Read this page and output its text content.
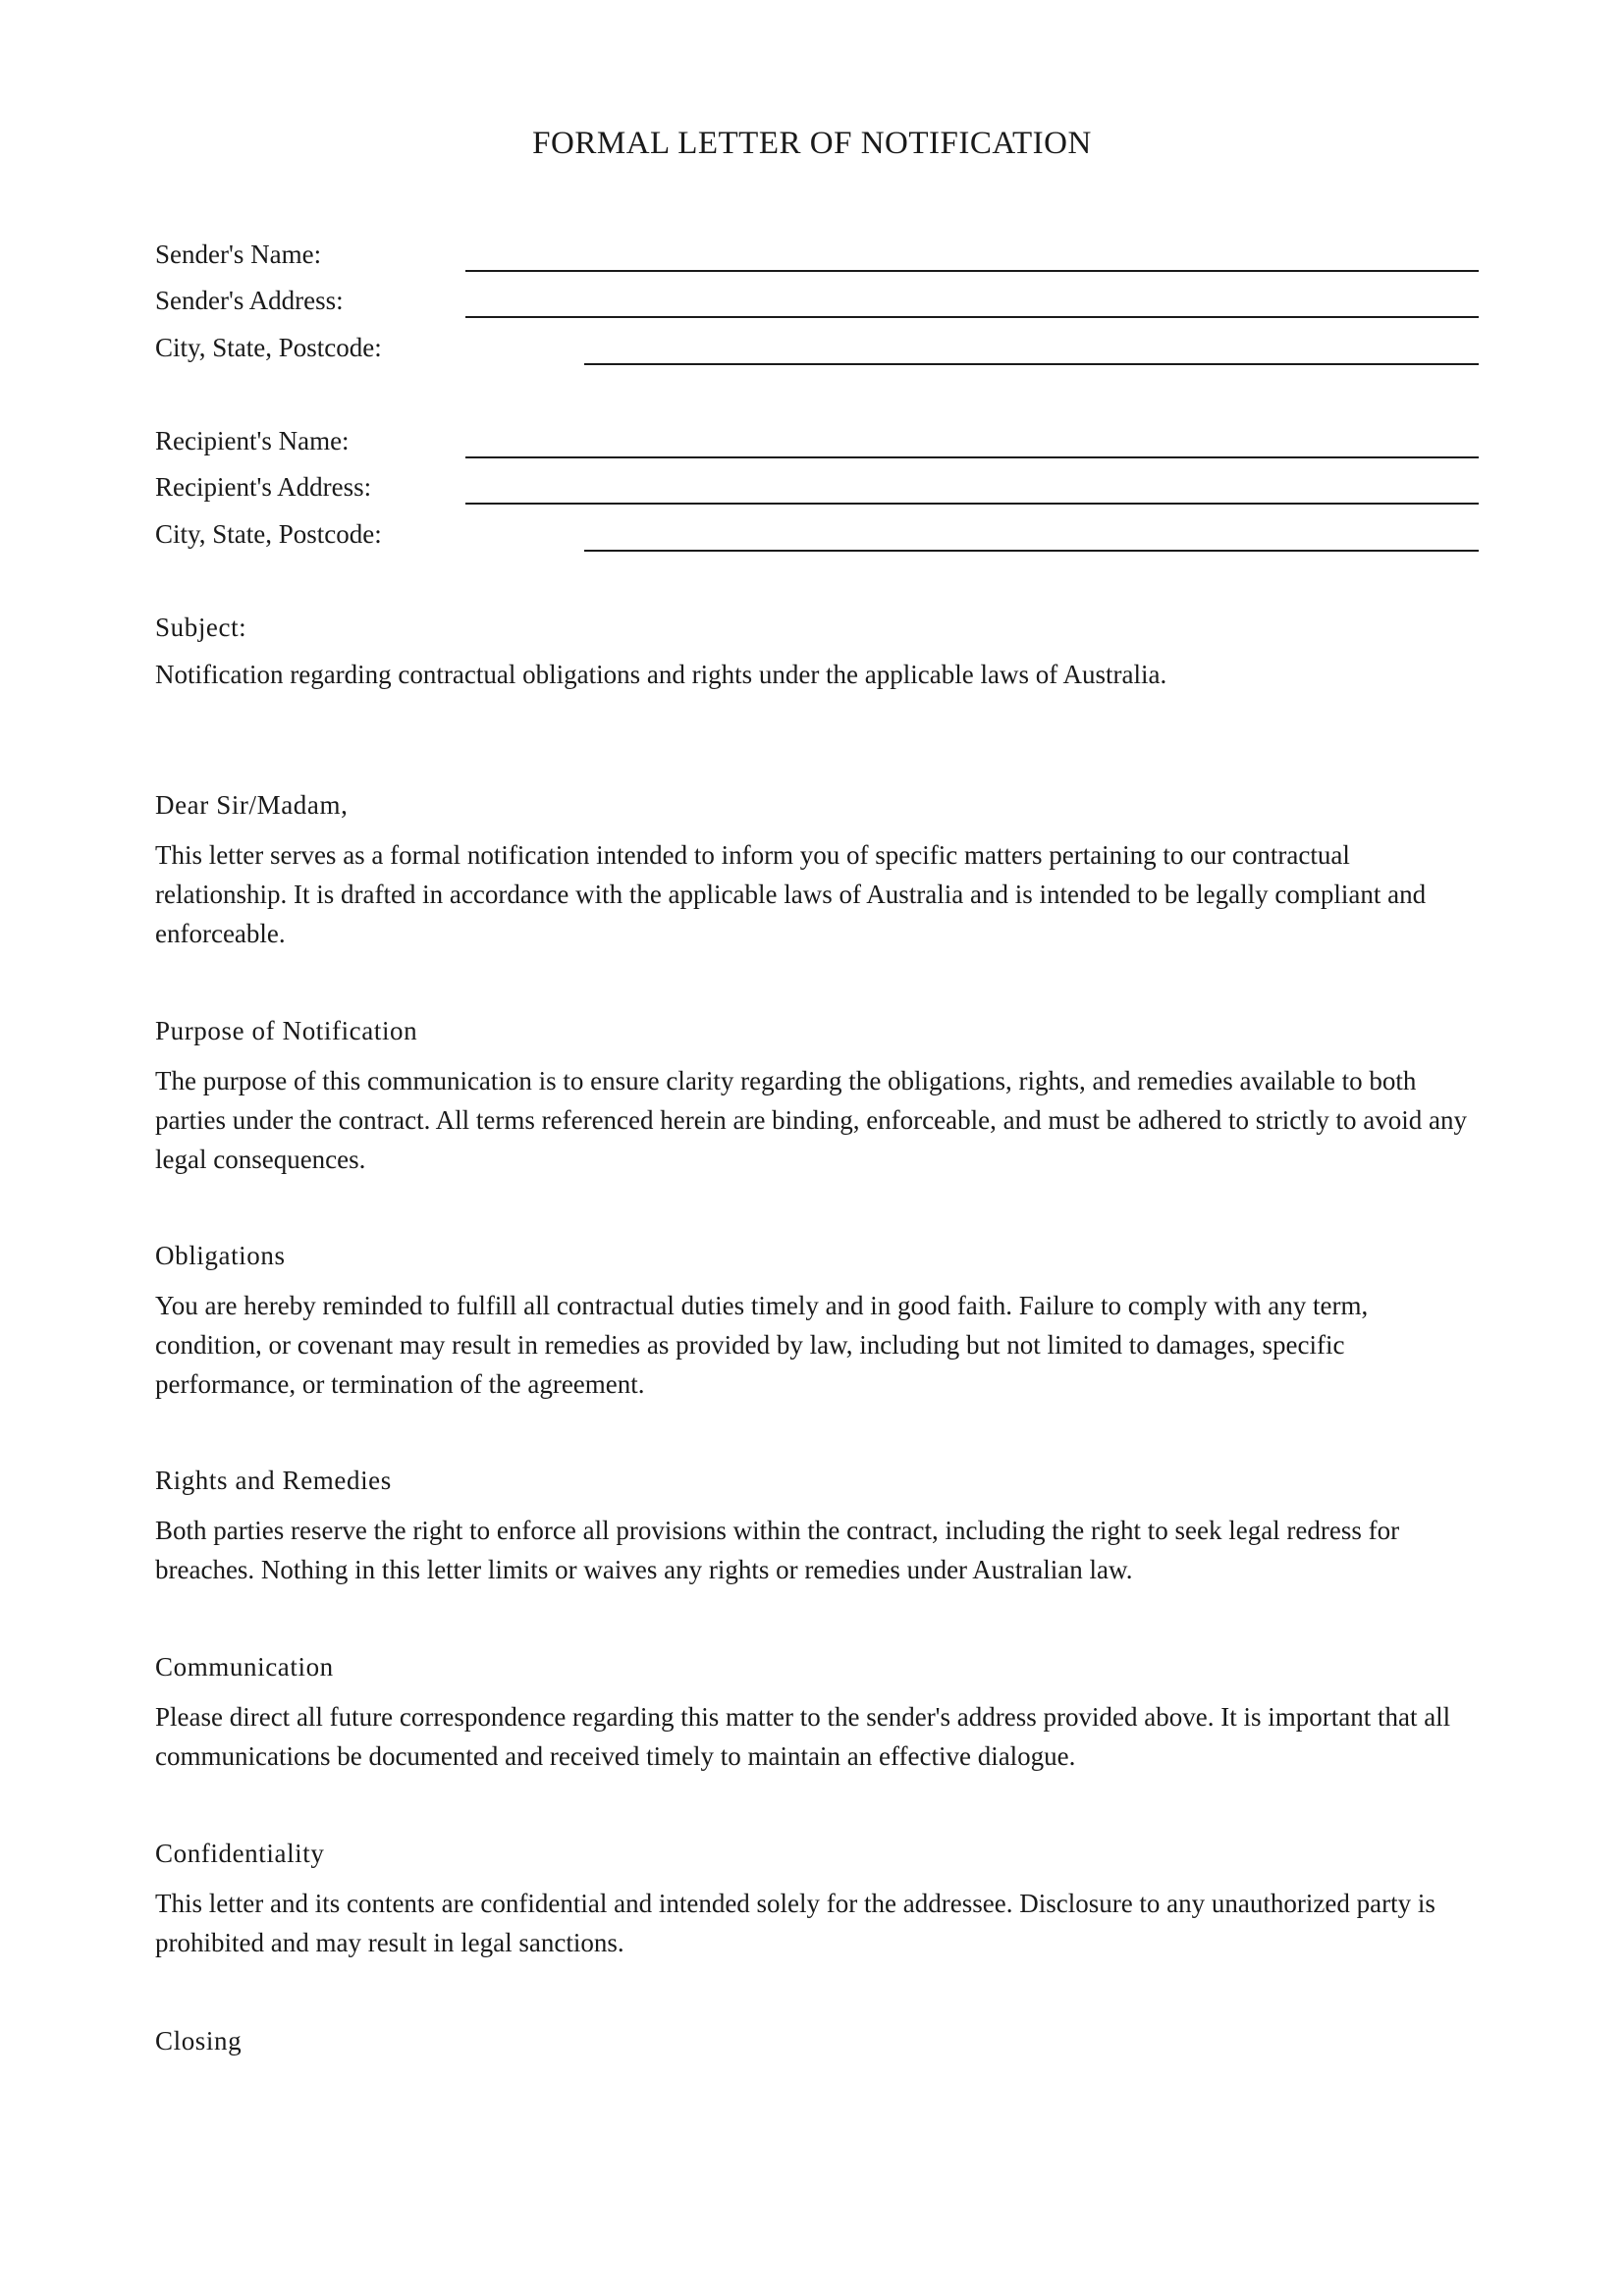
FORMAL LETTER OF NOTIFICATION
Sender's Name:
Sender's Address:
City, State, Postcode:
Recipient's Name:
Recipient's Address:
City, State, Postcode:
Subject:
Notification regarding contractual obligations and rights under the applicable laws of Australia.

Dear Sir/Madam,

This letter serves as a formal notification intended to inform you of specific matters pertaining to our contractual relationship. It is drafted in accordance with the applicable laws of Australia and is intended to be legally compliant and enforceable.

Purpose of Notification

The purpose of this communication is to ensure clarity regarding the obligations, rights, and remedies available to both parties under the contract. All terms referenced herein are binding, enforceable, and must be adhered to strictly to avoid any legal consequences.

Obligations

You are hereby reminded to fulfill all contractual duties timely and in good faith. Failure to comply with any term, condition, or covenant may result in remedies as provided by law, including but not limited to damages, specific performance, or termination of the agreement.

Rights and Remedies

Both parties reserve the right to enforce all provisions within the contract, including the right to seek legal redress for breaches. Nothing in this letter limits or waives any rights or remedies under Australian law.

Communication

Please direct all future correspondence regarding this matter to the sender's address provided above. It is important that all communications be documented and received timely to maintain an effective dialogue.

Confidentiality

This letter and its contents are confidential and intended solely for the addressee. Disclosure to any unauthorized party is prohibited and may result in legal sanctions.

Closing
